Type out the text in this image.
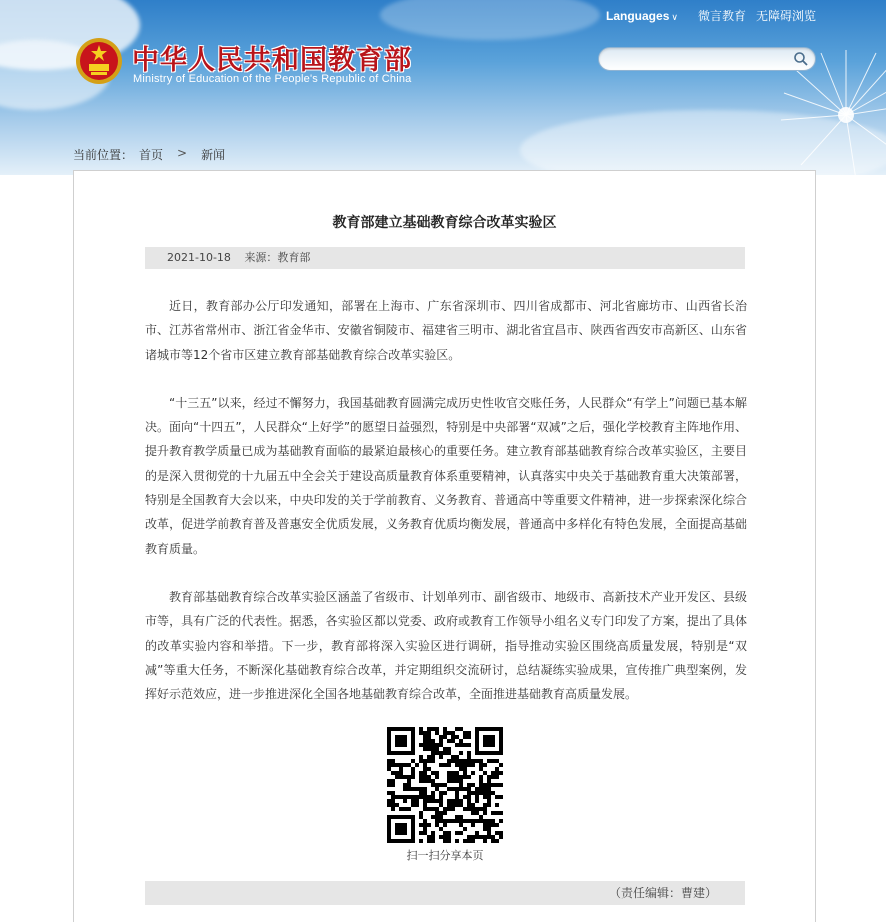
中华人民共和国教育部
Ministry of Education of the People's Republic of China
Languages ∨ 微言教育 无障碍浏览
当前位置： 首页 > 新闻
教育部建立基础教育综合改革实验区
2021-10-18 来源：教育部

近日，教育部办公厅印发通知，部署在上海市、广东省深圳市、四川省成都市、河北省廊坊市、山西省长治市、江苏省常州市、浙江省金华市、安徽省铜陵市、福建省三明市、湖北省宜昌市、陕西省西安市高新区、山东省诸城市等12个省市区建立教育部基础教育综合改革实验区。

“十三五”以来，经过不懈努力，我国基础教育圆满完成历史性收官交账任务，人民群众“有学上”问题已基本解决。面向“十四五”，人民群众“上好学”的愿望日益强烈，特别是中央部署“双减”之后，强化学校教育主阵地作用、提升教育教学质量已成为基础教育面临的最紧迫最核心的重要任务。建立教育部基础教育综合改革实验区，主要目的是深入贯彻党的十九届五中全会关于建设高质量教育体系重要精神，认真落实中央关于基础教育重大决策部署，特别是全国教育大会以来，中央印发的关于学前教育、义务教育、普通高中等重要文件精神，进一步探索深化综合改革，促进学前教育普及普惠安全优质发展，义务教育优质均衡发展，普通高中多样化有特色发展，全面提高基础教育质量。

教育部基础教育综合改革实验区涵盖了省级市、计划单列市、副省级市、地级市、高新技术产业开发区、县级市等，具有广泛的代表性。据悉，各实验区都以党委、政府或教育工作领导小组名义专门印发了方案，提出了具体的改革实验内容和举措。下一步，教育部将深入实验区进行调研，指导推动实验区围绕高质量发展，特别是“双减”等重大任务，不断深化基础教育综合改革，并定期组织交流研讨，总结凝练实验成果，宣传推广典型案例，发挥好示范效应，进一步推进深化全国各地基础教育综合改革，全面推进基础教育高质量发展。

扫一扫分享本页
（责任编辑：曹建）
